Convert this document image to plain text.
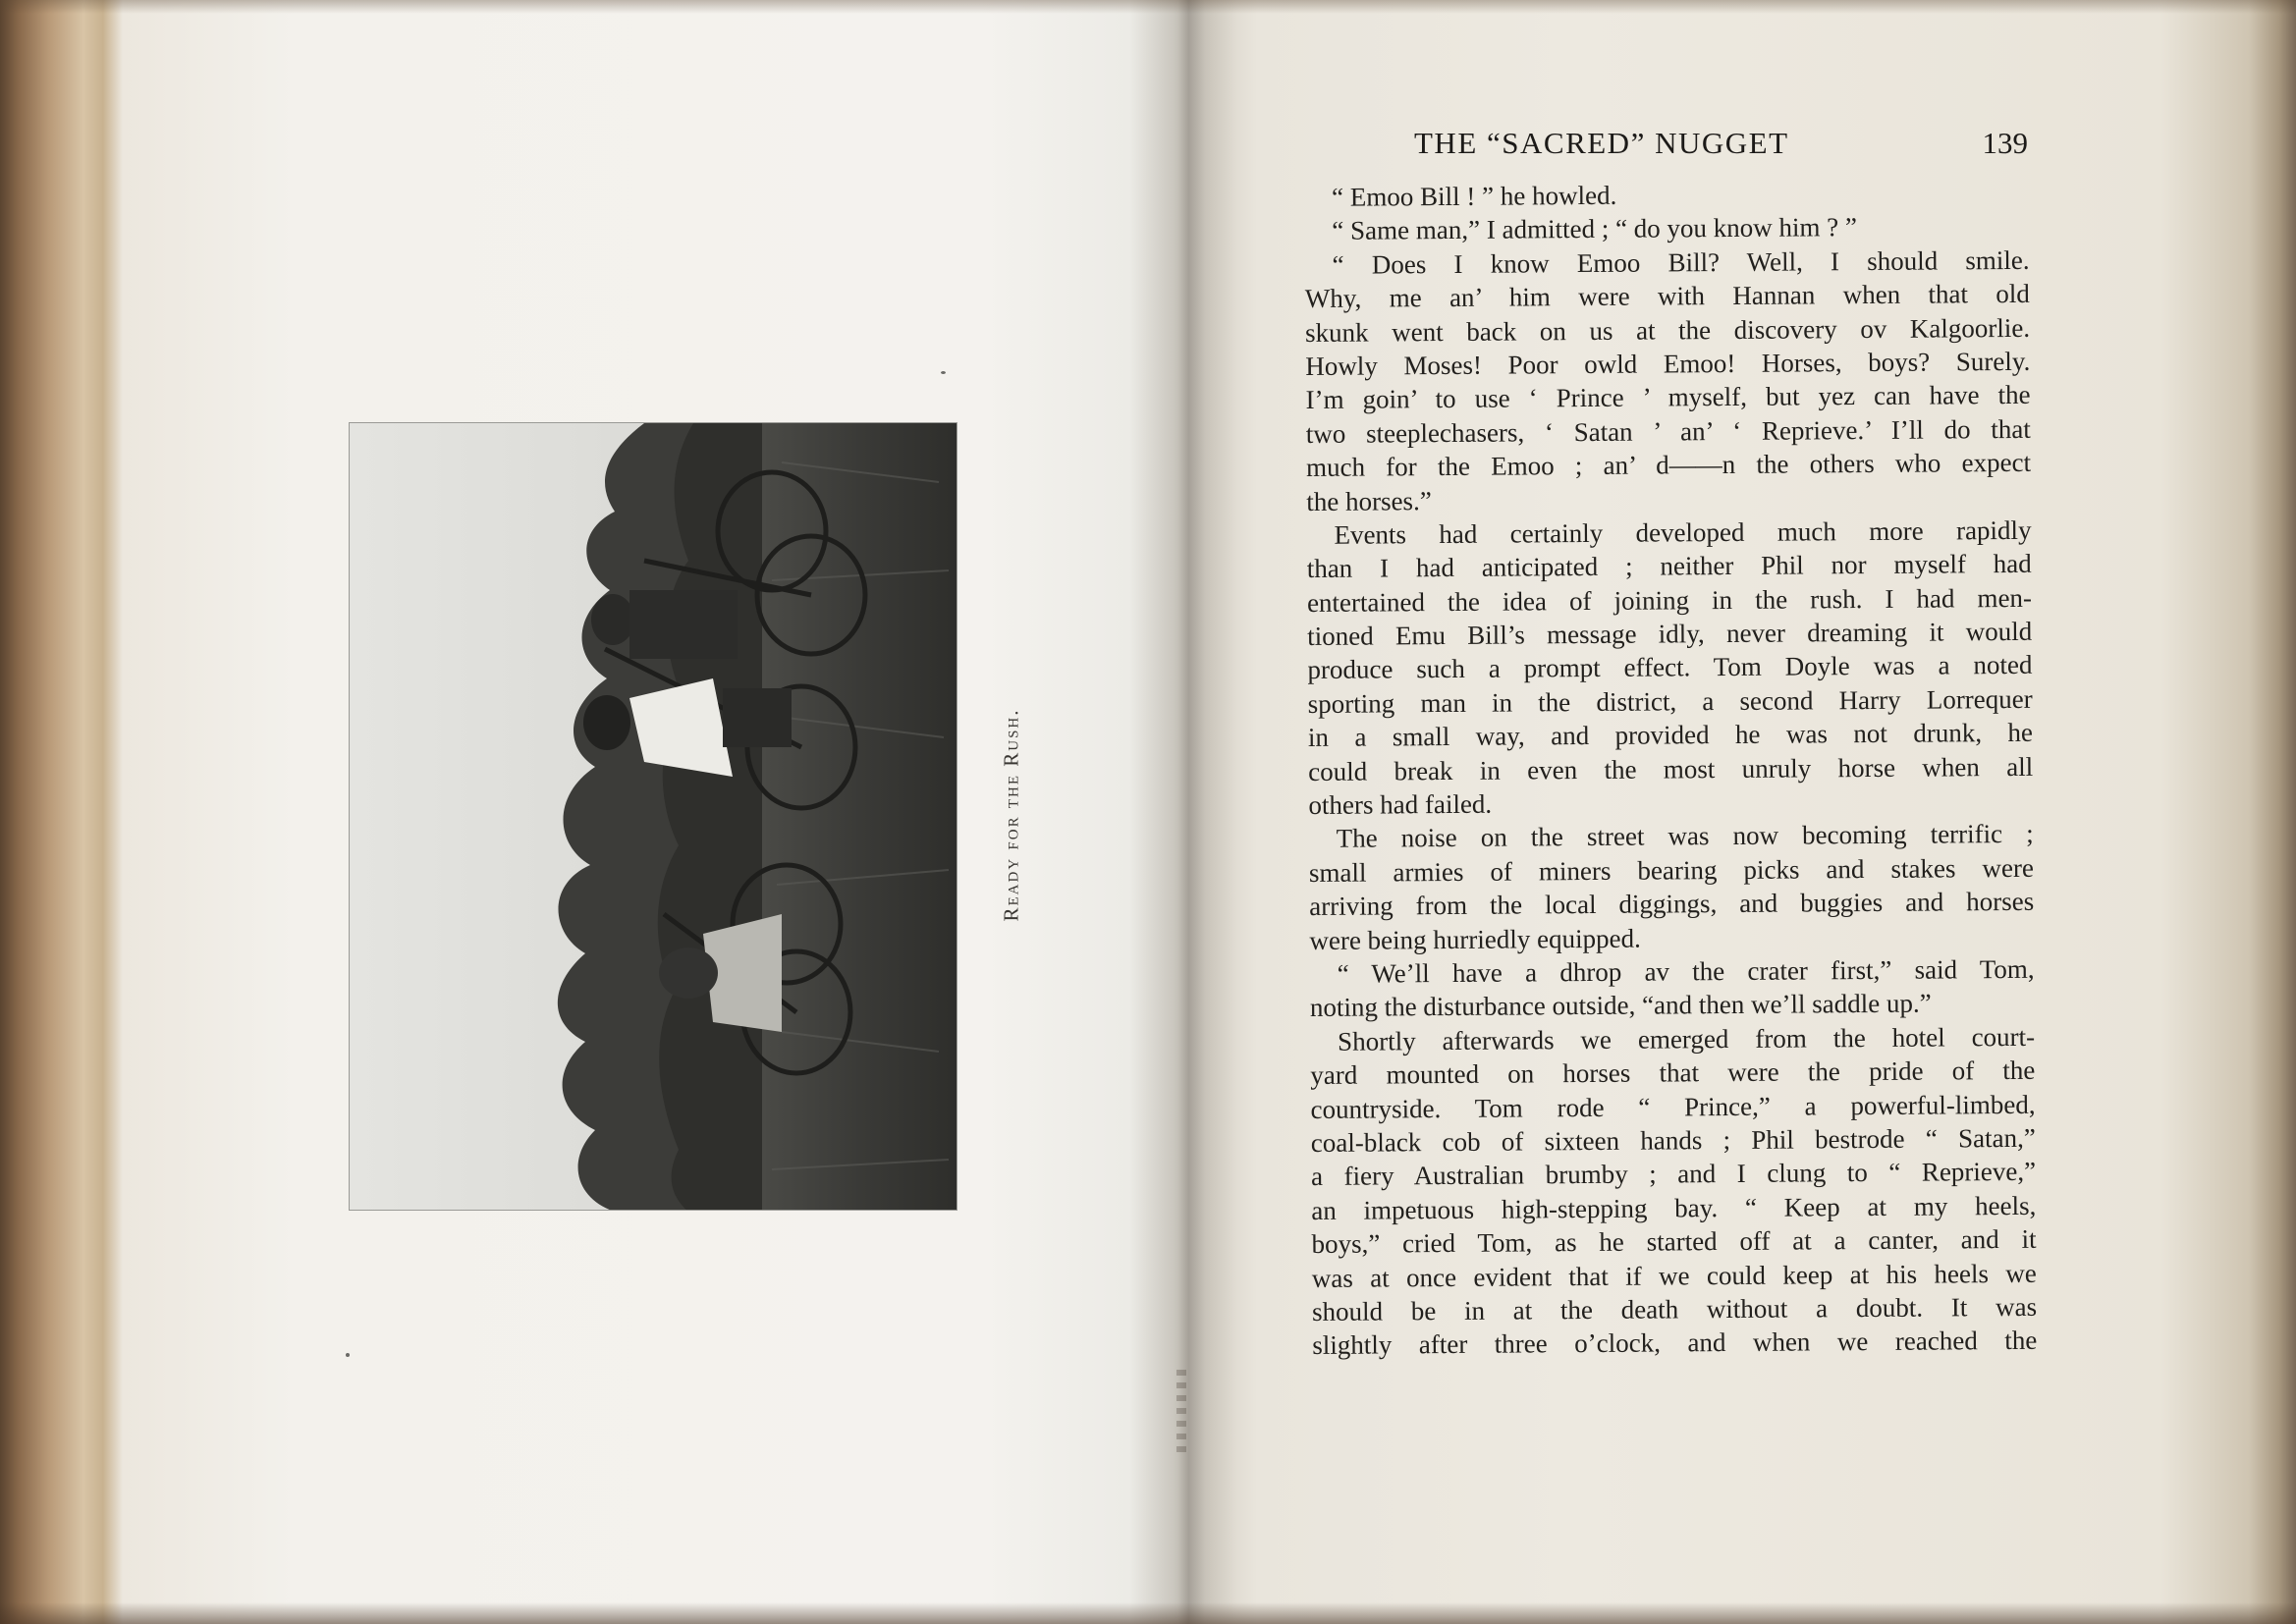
Ready for the Rush.
THE “SACRED” NUGGET	139
“ Emoo Bill ! ” he howled.
“ Same man,” I admitted ; “ do you know him ? ”
“ Does I know Emoo Bill? Well, I should smile.
Why, me an’ him were with Hannan when that old
skunk went back on us at the discovery ov Kalgoorlie.
Howly Moses! Poor owld Emoo! Horses, boys? Surely.
I’m goin’ to use ‘ Prince ’ myself, but yez can have the
two steeplechasers, ‘ Satan ’ an’ ‘ Reprieve.’ I’ll do that
much for the Emoo ; an’ d——n the others who expect
the horses.”
Events had certainly developed much more rapidly
than I had anticipated ; neither Phil nor myself had
entertained the idea of joining in the rush. I had men-
tioned Emu Bill’s message idly, never dreaming it would
produce such a prompt effect. Tom Doyle was a noted
sporting man in the district, a second Harry Lorrequer
in a small way, and provided he was not drunk, he
could break in even the most unruly horse when all
others had failed.
The noise on the street was now becoming terrific ;
small armies of miners bearing picks and stakes were
arriving from the local diggings, and buggies and horses
were being hurriedly equipped.
“ We’ll have a dhrop av the crater first,” said Tom,
noting the disturbance outside, “and then we’ll saddle up.”
Shortly afterwards we emerged from the hotel court-
yard mounted on horses that were the pride of the
countryside. Tom rode “ Prince,” a powerful-limbed,
coal-black cob of sixteen hands ; Phil bestrode “ Satan,”
a fiery Australian brumby ; and I clung to “ Reprieve,”
an impetuous high-stepping bay. “ Keep at my heels,
boys,” cried Tom, as he started off at a canter, and it
was at once evident that if we could keep at his heels we
should be in at the death without a doubt. It was
slightly after three o’clock, and when we reached the
